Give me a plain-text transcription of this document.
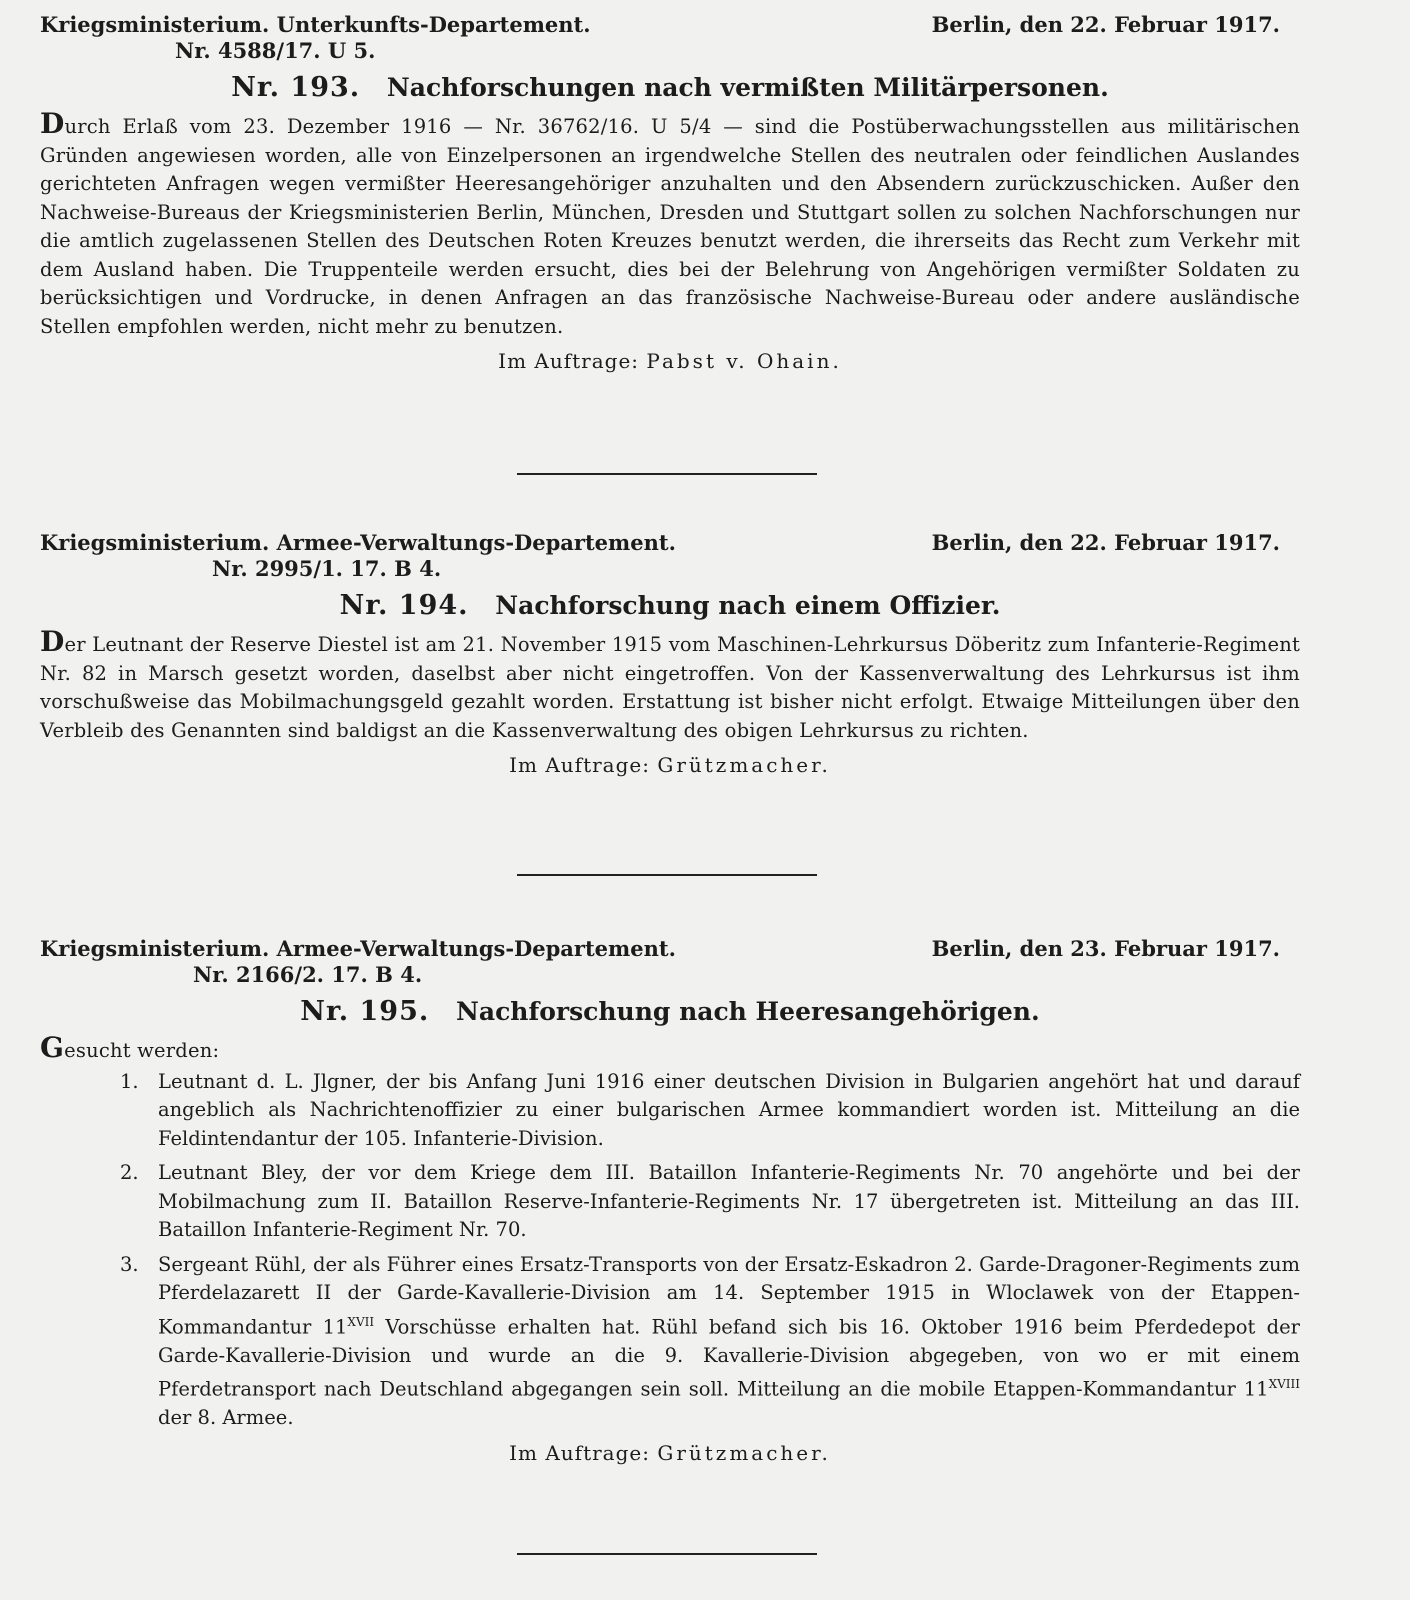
Kriegsministerium. Unterkunfts-Departement.	Berlin, den 22. Februar 1917.
Nr. 4588/17. U 5.
Nr. 193. Nachforschungen nach vermißten Militärpersonen.
Durch Erlaß vom 23. Dezember 1916 — Nr. 36762/16. U 5/4 — sind die Postüberwachungsstellen aus militärischen Gründen angewiesen worden, alle von Einzelpersonen an irgendwelche Stellen des neutralen oder feindlichen Auslandes gerichteten Anfragen wegen vermißter Heeresangehöriger anzuhalten und den Absendern zurückzuschicken. Außer den Nachweise-Bureaus der Kriegsministerien Berlin, München, Dresden und Stuttgart sollen zu solchen Nachforschungen nur die amtlich zugelassenen Stellen des Deutschen Roten Kreuzes benutzt werden, die ihrerseits das Recht zum Verkehr mit dem Ausland haben. Die Truppenteile werden ersucht, dies bei der Belehrung von Angehörigen vermißter Soldaten zu berücksichtigen und Vordrucke, in denen Anfragen an das französische Nachweise-Bureau oder andere ausländische Stellen empfohlen werden, nicht mehr zu benutzen.
Im Auftrage: Pabst v. Ohain.
Kriegsministerium. Armee-Verwaltungs-Departement.	Berlin, den 22. Februar 1917.
Nr. 2995/1. 17. B 4.
Nr. 194. Nachforschung nach einem Offizier.
Der Leutnant der Reserve Diestel ist am 21. November 1915 vom Maschinen-Lehrkursus Döberitz zum Infanterie-Regiment Nr. 82 in Marsch gesetzt worden, daselbst aber nicht eingetroffen. Von der Kassenverwaltung des Lehrkursus ist ihm vorschußweise das Mobilmachungsgeld gezahlt worden. Erstattung ist bisher nicht erfolgt. Etwaige Mitteilungen über den Verbleib des Genannten sind baldigst an die Kassenverwaltung des obigen Lehrkursus zu richten.
Im Auftrage: Grützmacher.
Kriegsministerium. Armee-Verwaltungs-Departement.	Berlin, den 23. Februar 1917.
Nr. 2166/2. 17. B 4.
Nr. 195. Nachforschung nach Heeresangehörigen.
Gesucht werden:
1. Leutnant d. L. Jlgner, der bis Anfang Juni 1916 einer deutschen Division in Bulgarien angehört hat und darauf angeblich als Nachrichtenoffizier zu einer bulgarischen Armee kommandiert worden ist. Mitteilung an die Feldintendantur der 105. Infanterie-Division.
2. Leutnant Bley, der vor dem Kriege dem III. Bataillon Infanterie-Regiments Nr. 70 angehörte und bei der Mobilmachung zum II. Bataillon Reserve-Infanterie-Regiments Nr. 17 übergetreten ist. Mitteilung an das III. Bataillon Infanterie-Regiment Nr. 70.
3. Sergeant Rühl, der als Führer eines Ersatz-Transports von der Ersatz-Eskadron 2. Garde-Dragoner-Regiments zum Pferdelazarett II der Garde-Kavallerie-Division am 14. September 1915 in Wloclawek von der Etappen-Kommandantur $11^{XVII}$ Vorschüsse erhalten hat. Rühl befand sich bis 16. Oktober 1916 beim Pferdedepot der Garde-Kavallerie-Division und wurde an die 9. Kavallerie-Division abgegeben, von wo er mit einem Pferdetransport nach Deutschland abgegangen sein soll. Mitteilung an die mobile Etappen-Kommandantur $11^{XVIII}$ der 8. Armee.
Im Auftrage: Grützmacher.
